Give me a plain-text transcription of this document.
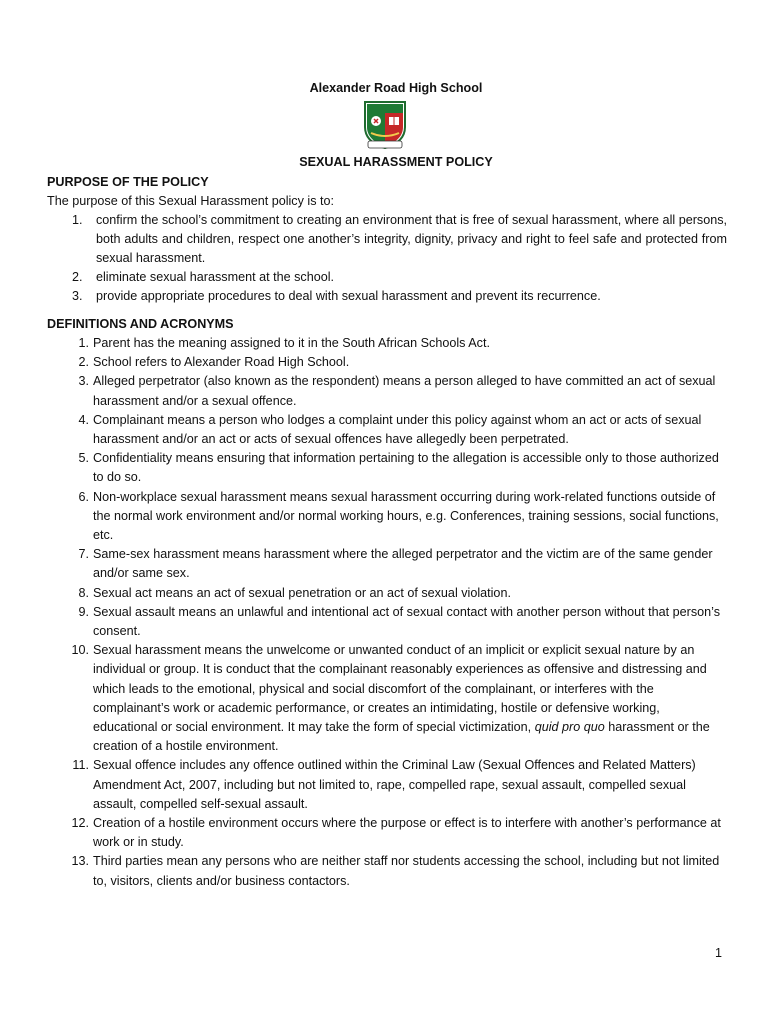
Alexander Road High School
SEXUAL HARASSMENT POLICY
PURPOSE OF THE POLICY
The purpose of this Sexual Harassment policy is to:
1. confirm the school’s commitment to creating an environment that is free of sexual harassment, where all persons, both adults and children, respect one another’s integrity, dignity, privacy and right to feel safe and protected from sexual harassment.
2. eliminate sexual harassment at the school.
3. provide appropriate procedures to deal with sexual harassment and prevent its recurrence.
DEFINITIONS AND ACRONYMS
1. Parent has the meaning assigned to it in the South African Schools Act.
2. School refers to Alexander Road High School.
3. Alleged perpetrator (also known as the respondent) means a person alleged to have committed an act of sexual harassment and/or a sexual offence.
4. Complainant means a person who lodges a complaint under this policy against whom an act or acts of sexual harassment and/or an act or acts of sexual offences have allegedly been perpetrated.
5. Confidentiality means ensuring that information pertaining to the allegation is accessible only to those authorized to do so.
6. Non-workplace sexual harassment means sexual harassment occurring during work-related functions outside of the normal work environment and/or normal working hours, e.g. Conferences, training sessions, social functions, etc.
7. Same-sex harassment means harassment where the alleged perpetrator and the victim are of the same gender and/or same sex.
8. Sexual act means an act of sexual penetration or an act of sexual violation.
9. Sexual assault means an unlawful and intentional act of sexual contact with another person without that person’s consent.
10. Sexual harassment means the unwelcome or unwanted conduct of an implicit or explicit sexual nature by an individual or group. It is conduct that the complainant reasonably experiences as offensive and distressing and which leads to the emotional, physical and social discomfort of the complainant, or interferes with the complainant’s work or academic performance, or creates an intimidating, hostile or defensive working, educational or social environment. It may take the form of special victimization, quid pro quo harassment or the creation of a hostile environment.
11. Sexual offence includes any offence outlined within the Criminal Law (Sexual Offences and Related Matters) Amendment Act, 2007, including but not limited to, rape, compelled rape, sexual assault, compelled sexual assault, compelled self-sexual assault.
12. Creation of a hostile environment occurs where the purpose or effect is to interfere with another’s performance at work or in study.
13. Third parties mean any persons who are neither staff nor students accessing the school, including but not limited to, visitors, clients and/or business contactors.
1
